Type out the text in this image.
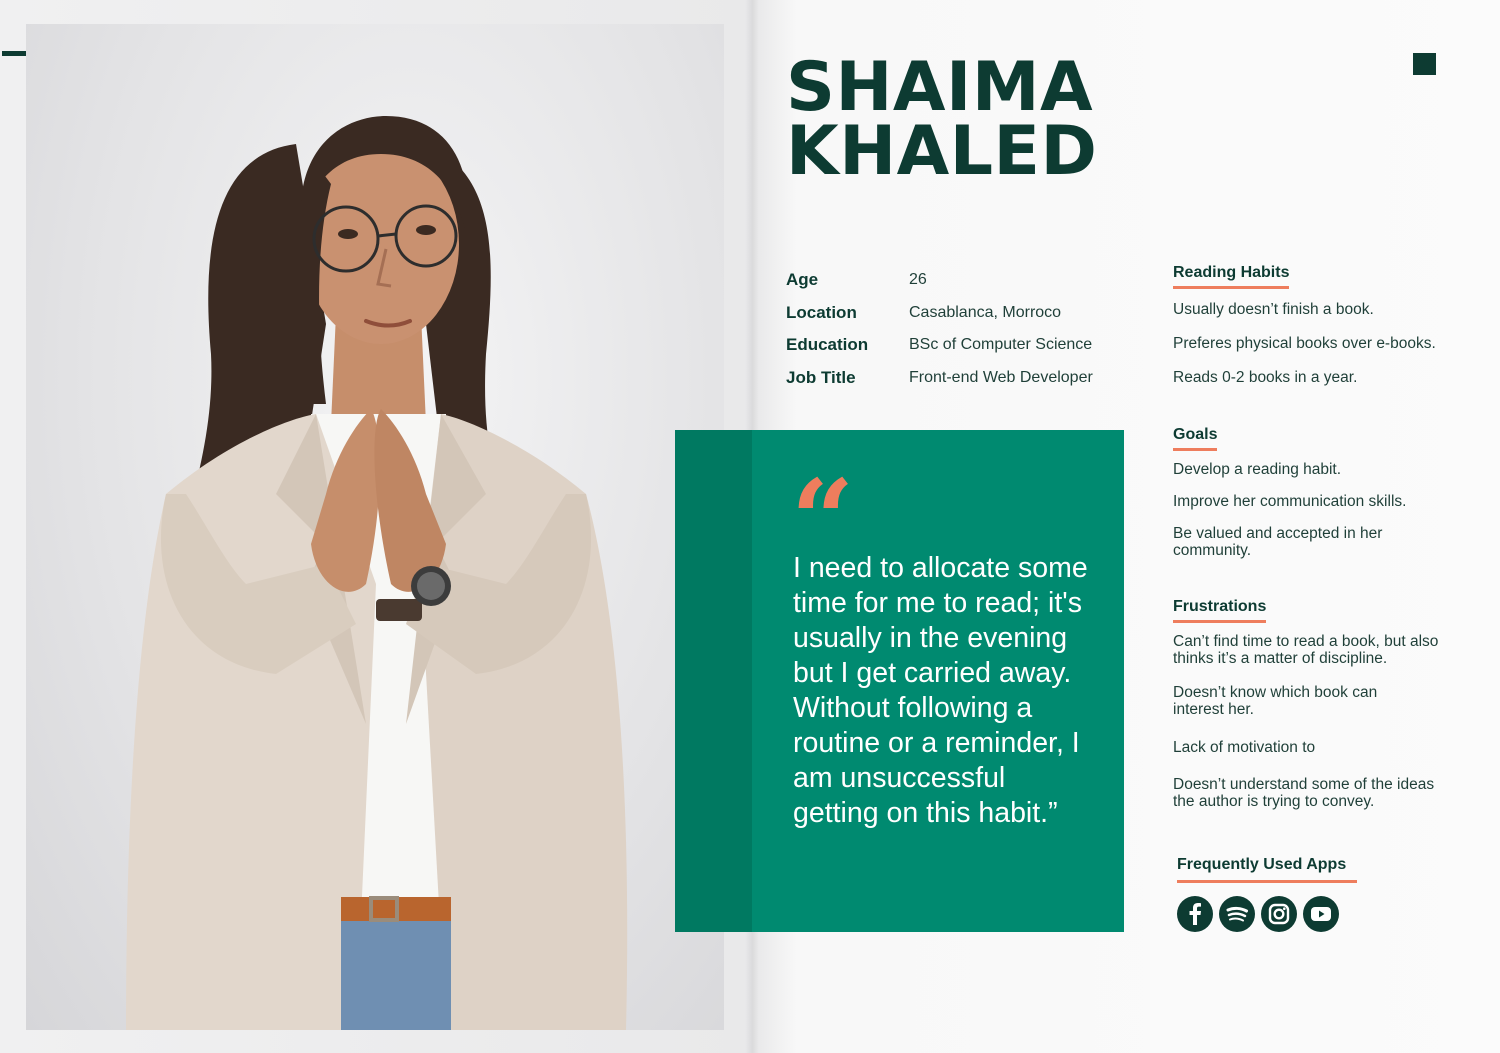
SHAIMA
KHALED
Age	26
Location	Casablanca, Morroco
Education	BSc of Computer Science
Job Title	Front-end Web Developer
“

I need to allocate some time for me to read; it's usually in the evening but I get carried away. Without following a routine or a reminder, I am unsuccessful getting on this habit.”

Reading Habits
Usually doesn’t finish a book.
Preferes physical books over e-books.
Reads 0-2 books in a year.
Goals
Develop a reading habit.
Improve her communication skills.
Be valued and accepted in her community.
Frustrations
Can’t find time to read a book, but also thinks it’s a matter of discipline.
Doesn’t know which book can interest her.
Lack of motivation to
Doesn’t understand some of the ideas the author is trying to convey.
Frequently Used Apps
